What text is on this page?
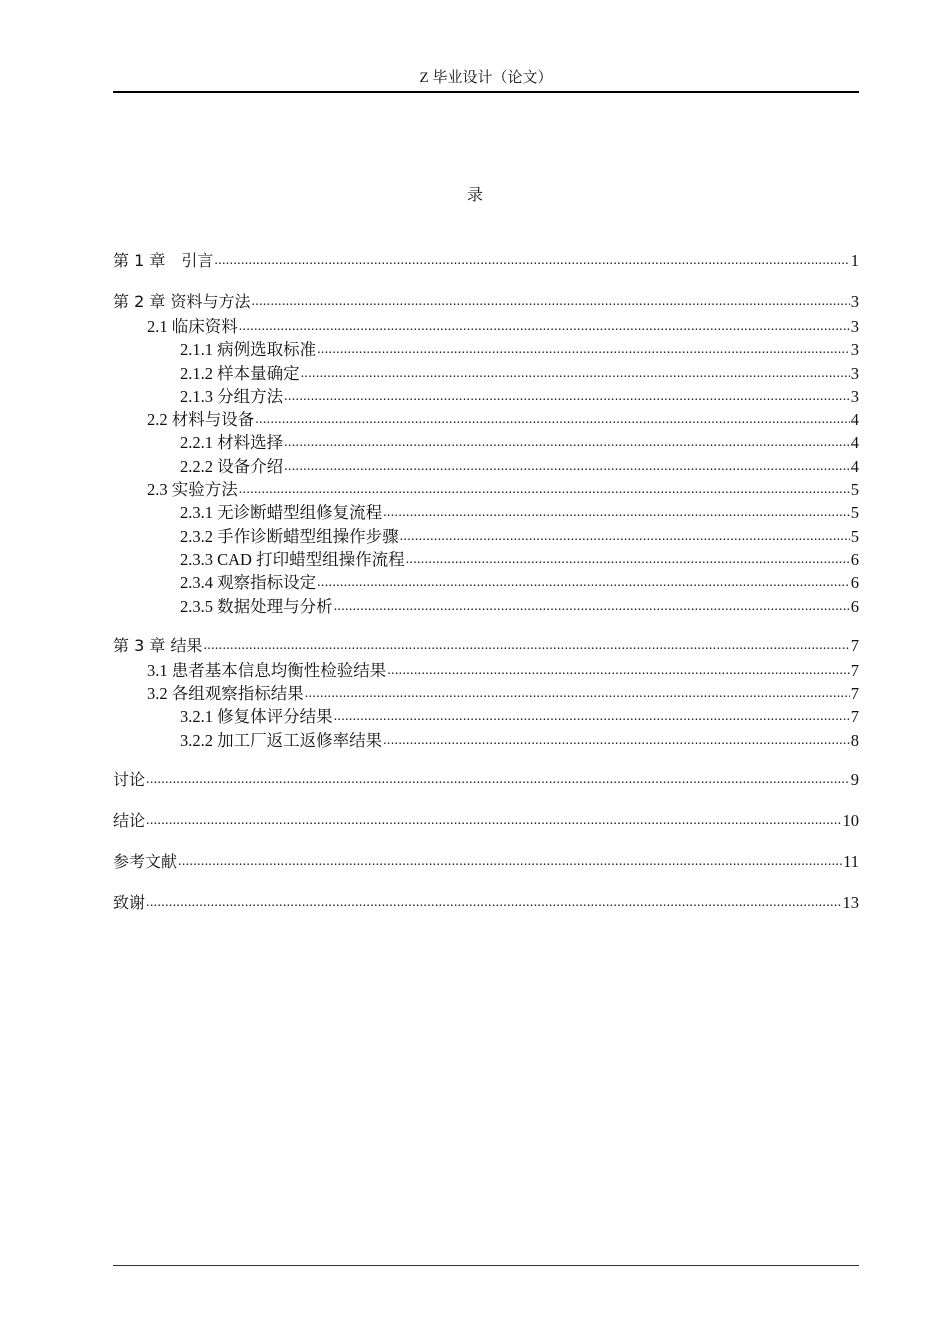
Z 毕业设计（论文）
录
第 1 章　引言 .....	1
第 2 章 资料与方法 .....	3
2.1 临床资料 .....	3
2.1.1 病例选取标准 .....	3
2.1.2 样本量确定 .....	3
2.1.3 分组方法 .....	3
2.2 材料与设备 .....	4
2.2.1 材料选择 .....	4
2.2.2 设备介绍 .....	4
2.3 实验方法 .....	5
2.3.1 无诊断蜡型组修复流程 .....	5
2.3.2 手作诊断蜡型组操作步骤 .....	5
2.3.3 CAD 打印蜡型组操作流程 .....	6
2.3.4 观察指标设定 .....	6
2.3.5 数据处理与分析 .....	6
第 3 章 结果 .....	7
3.1 患者基本信息均衡性检验结果 .....	7
3.2 各组观察指标结果 .....	7
3.2.1 修复体评分结果 .....	7
3.2.2 加工厂返工返修率结果 .....	8
讨论 .....	9
结论 .....	10
参考文献 .....	11
致谢 .....	13
